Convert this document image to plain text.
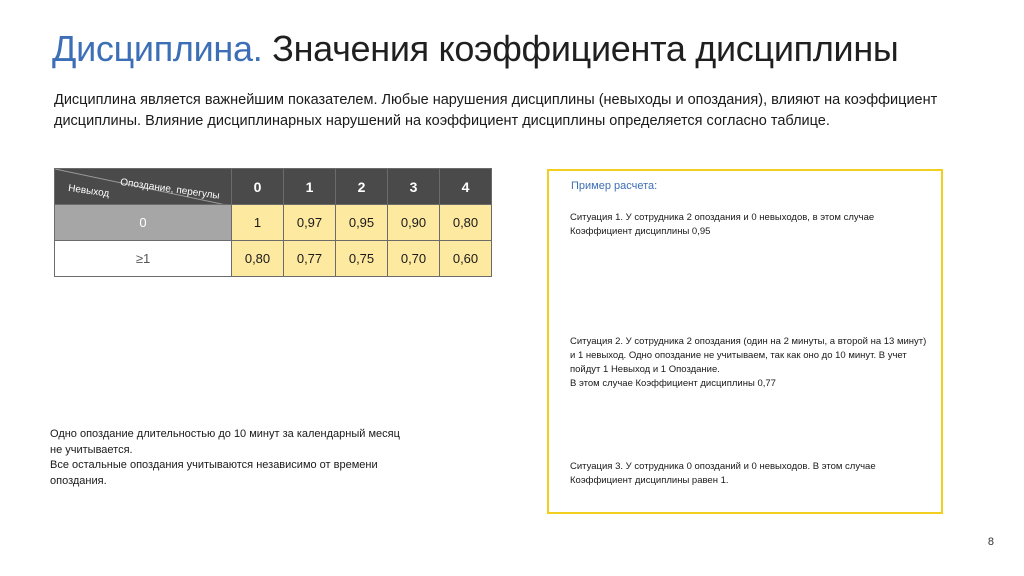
Дисциплина. Значения коэффициента дисциплины
Дисциплина является важнейшим показателем. Любые нарушения дисциплины (невыходы и опоздания), влияют на коэффициент дисциплины. Влияние дисциплинарных нарушений на коэффициент дисциплины определяется согласно таблице.
Опоздание, перегулы
Невыход	0	1	2	3	4
0	1	0,97	0,95	0,90	0,80
≥1	0,80	0,77	0,75	0,70	0,60
Одно опоздание длительностью до 10 минут за календарный месяц не учитывается.
Все остальные опоздания учитываются независимо от времени опоздания.
Пример расчета:
Ситуация 1. У сотрудника 2 опоздания и 0 невыходов, в этом случае
Коэффициент дисциплины 0,95
Ситуация 2. У сотрудника 2 опоздания (один на 2 минуты, а второй на 13 минут) и 1 невыход. Одно опоздание не учитываем, так как оно до 10 минут. В учет пойдут 1 Невыход и 1 Опоздание.
В этом случае Коэффициент дисциплины 0,77
Ситуация 3. У сотрудника 0 опозданий и 0 невыходов. В этом случае
Коэффициент дисциплины равен 1.
8
